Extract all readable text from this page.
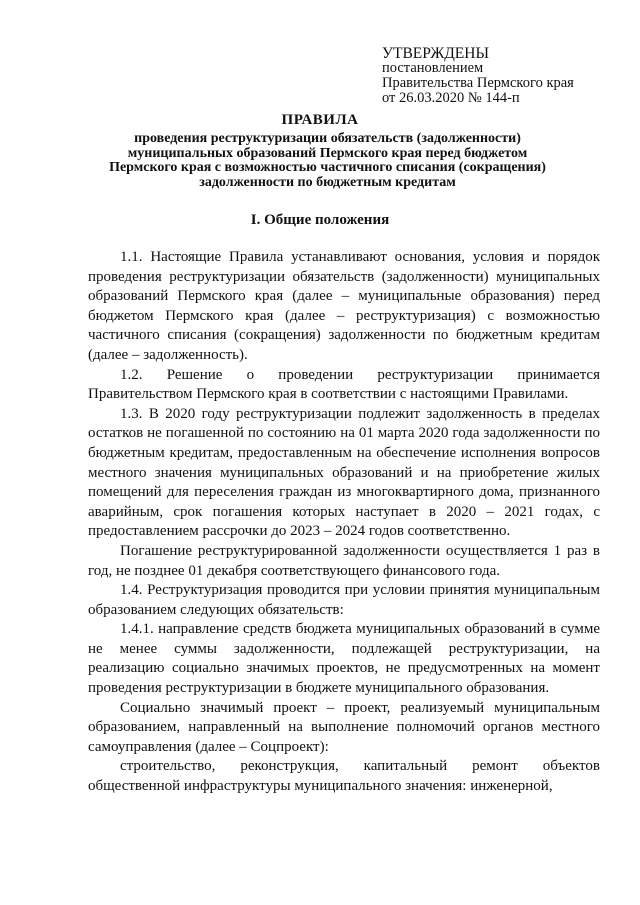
УТВЕРЖДЕНЫ
постановлением
Правительства Пермского края
от 26.03.2020 № 144-п
ПРАВИЛА
проведения реструктуризации обязательств (задолженности) муниципальных образований Пермского края перед бюджетом Пермского края с возможностью частичного списания (сокращения) задолженности по бюджетным кредитам
I. Общие положения

1.1. Настоящие Правила устанавливают основания, условия и порядок проведения реструктуризации обязательств (задолженности) муниципальных образований Пермского края (далее – муниципальные образования) перед бюджетом Пермского края (далее – реструктуризация) с возможностью частичного списания (сокращения) задолженности по бюджетным кредитам (далее – задолженность).

1.2. Решение о проведении реструктуризации принимается Правительством Пермского края в соответствии с настоящими Правилами.

1.3. В 2020 году реструктуризации подлежит задолженность в пределах остатков не погашенной по состоянию на 01 марта 2020 года задолженности по бюджетным кредитам, предоставленным на обеспечение исполнения вопросов местного значения муниципальных образований и на приобретение жилых помещений для переселения граждан из многоквартирного дома, признанного аварийным, срок погашения которых наступает в 2020 – 2021 годах, с предоставлением рассрочки до 2023 – 2024 годов соответственно.

Погашение реструктурированной задолженности осуществляется 1 раз в год, не позднее 01 декабря соответствующего финансового года.

1.4. Реструктуризация проводится при условии принятия муниципальным образованием следующих обязательств:

1.4.1. направление средств бюджета муниципальных образований в сумме не менее суммы задолженности, подлежащей реструктуризации, на реализацию социально значимых проектов, не предусмотренных на момент проведения реструктуризации в бюджете муниципального образования.

Социально значимый проект – проект, реализуемый муниципальным образованием, направленный на выполнение полномочий органов местного самоуправления (далее – Соцпроект):

строительство, реконструкция, капитальный ремонт объектов общественной инфраструктуры муниципального значения: инженерной,
